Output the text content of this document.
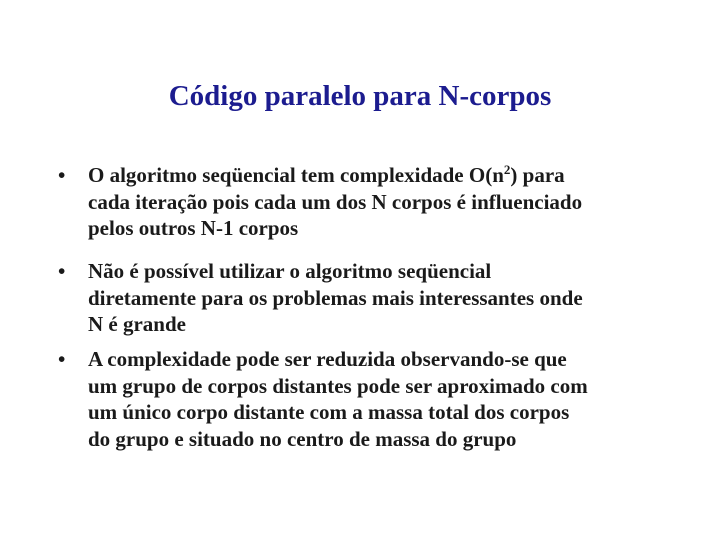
Código paralelo para N-corpos
•	O algoritmo seqüencial tem complexidade $O(n^2)$ para
cada iteração pois cada um dos N corpos é influenciado
pelos outros N-1 corpos
•	Não é possível utilizar o algoritmo seqüencial
diretamente para os problemas mais interessantes onde
N é grande
•	A complexidade pode ser reduzida observando-se que
um grupo de corpos distantes pode ser aproximado com
um único corpo distante com a massa total dos corpos
do grupo e situado no centro de massa do grupo
